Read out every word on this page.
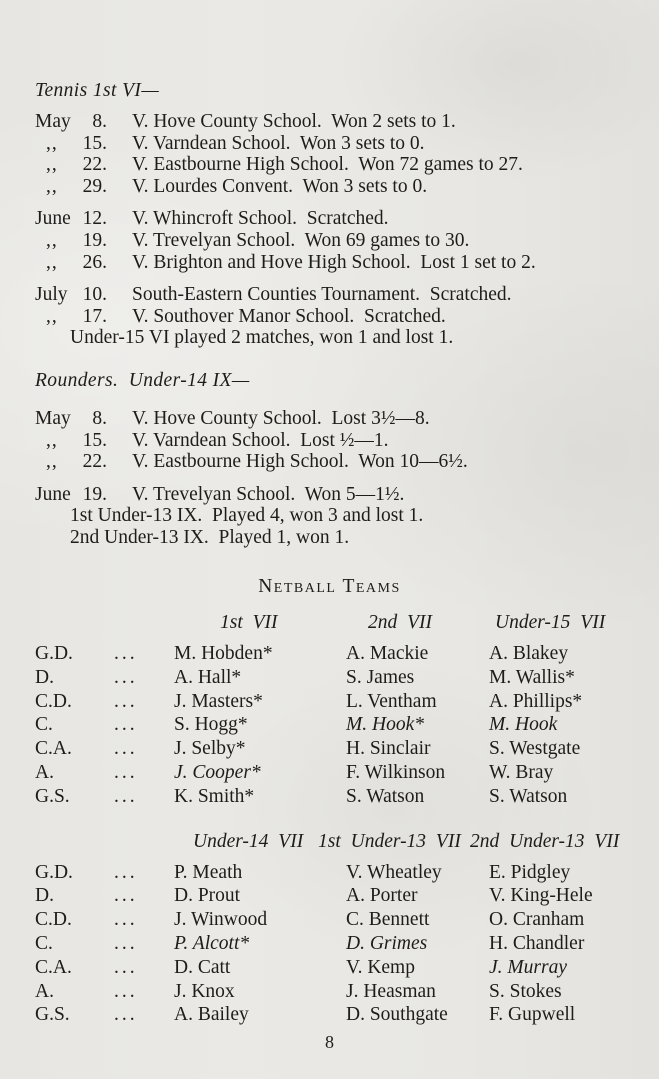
Tennis 1st VI—
May	8. V. Hove County School.  Won 2 sets to 1.
,,	15. V. Varndean School.  Won 3 sets to 0.
,,	22. V. Eastbourne High School.  Won 72 games to 27.
,,	29. V. Lourdes Convent.  Won 3 sets to 0.
June 12. V. Whincroft School.  Scratched.
,,	19. V. Trevelyan School.  Won 69 games to 30.
,,	26. V. Brighton and Hove High School.  Lost 1 set to 2.
July 10. South-Eastern Counties Tournament.  Scratched.
,,	17. V. Southover Manor School.  Scratched.
Under-15 VI played 2 matches, won 1 and lost 1.
Rounders.  Under-14 IX—
May	8. V. Hove County School.  Lost 3½—8.
,,	15. V. Varndean School.  Lost ½—1.
,,	22. V. Eastbourne High School.  Won 10—6½.
June 19. V. Trevelyan School.  Won 5—1½.
1st Under-13 IX.  Played 4, won 3 and lost 1.
2nd Under-13 IX.  Played 1, won 1.
Netball Teams
1st VII	2nd VII	Under-15 VII
G.D.	...	M. Hobden*	A. Mackie	A. Blakey
D.	...	A. Hall*	S. James	M. Wallis*
C.D.	...	J. Masters*	L. Ventham	A. Phillips*
C.	...	S. Hogg*	M. Hook*	M. Hook
C.A.	...	J. Selby*	H. Sinclair	S. Westgate
A.	...	J. Cooper*	F. Wilkinson	W. Bray
G.S.	...	K. Smith*	S. Watson	S. Watson
Under-14 VII 1st Under-13 VII 2nd Under-13 VII
G.D.	...	P. Meath	V. Wheatley	E. Pidgley
D.	...	D. Prout	A. Porter	V. King-Hele
C.D.	...	J. Winwood	C. Bennett	O. Cranham
C.	...	P. Alcott*	D. Grimes	H. Chandler
C.A.	...	D. Catt	V. Kemp	J. Murray
A.	...	J. Knox	J. Heasman	S. Stokes
G.S.	...	A. Bailey	D. Southgate	F. Gupwell
8
